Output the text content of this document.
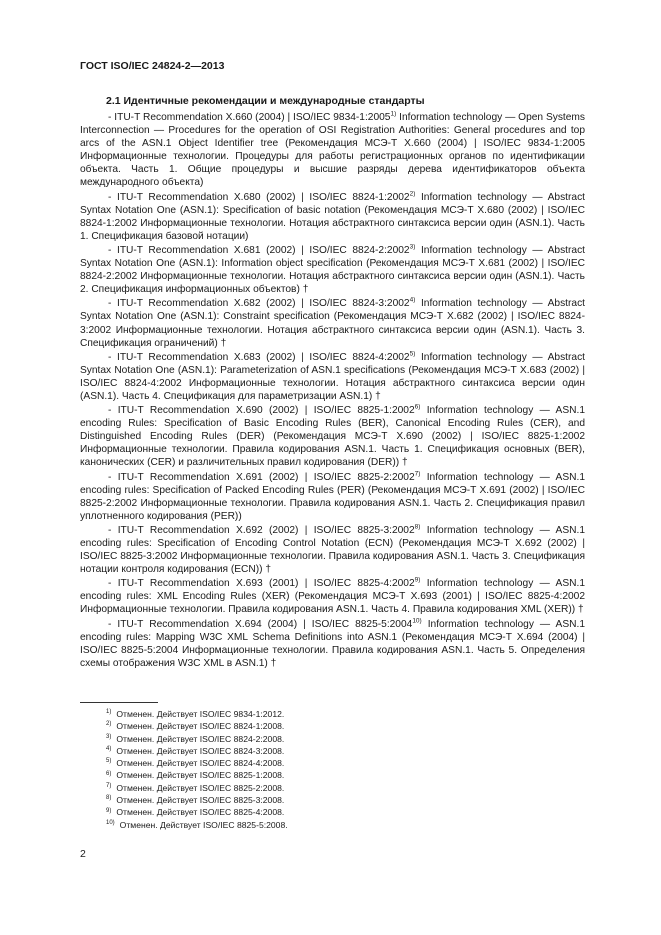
ГОСТ ISO/IEC 24824-2—2013
2.1 Идентичные рекомендации и международные стандарты

- ITU-T Recommendation X.660 (2004) | ISO/IEC 9834-1:2005$^{1)}$ Information technology — Open Systems Interconnection — Procedures for the operation of OSI Registration Authorities: General procedures and top arcs of the ASN.1 Object Identifier tree (Рекомендация МСЭ-Т X.660 (2004) | ISO/IEC 9834-1:2005 Информационные технологии. Процедуры для работы регистрационных органов по идентификации объекта. Часть 1. Общие процедуры и высшие разряды дерева идентификаторов объекта международного объекта)

- ITU-T Recommendation X.680 (2002) | ISO/IEC 8824-1:2002$^{2)}$ Information technology — Abstract Syntax Notation One (ASN.1): Specification of basic notation (Рекомендация МСЭ-Т X.680 (2002) | ISO/IEC 8824-1:2002 Информационные технологии. Нотация абстрактного синтаксиса версии один (ASN.1). Часть 1. Спецификация базовой нотации)

- ITU-T Recommendation X.681 (2002) | ISO/IEC 8824-2:2002$^{3)}$ Information technology — Abstract Syntax Notation One (ASN.1): Information object specification (Рекомендация МСЭ-Т X.681 (2002) | ISO/IEC 8824-2:2002 Информационные технологии. Нотация абстрактного синтаксиса версии один (ASN.1). Часть 2. Спецификация информационных объектов) †

- ITU-T Recommendation X.682 (2002) | ISO/IEC 8824-3:2002$^{4)}$ Information technology — Abstract Syntax Notation One (ASN.1): Constraint specification (Рекомендация МСЭ-Т X.682 (2002) | ISO/IEC 8824-3:2002 Информационные технологии. Нотация абстрактного синтаксиса версии один (ASN.1). Часть 3. Спецификация ограничений) †

- ITU-T Recommendation X.683 (2002) | ISO/IEC 8824-4:2002$^{5)}$ Information technology — Abstract Syntax Notation One (ASN.1): Parameterization of ASN.1 specifications (Рекомендация МСЭ-Т X.683 (2002) | ISO/IEC 8824-4:2002 Информационные технологии. Нотация абстрактного синтаксиса версии один (ASN.1). Часть 4. Спецификация для параметризации ASN.1) †

- ITU-T Recommendation X.690 (2002) | ISO/IEC 8825-1:2002$^{6)}$ Information technology — ASN.1 encoding Rules: Specification of Basic Encoding Rules (BER), Canonical Encoding Rules (CER), and Distinguished Encoding Rules (DER) (Рекомендация МСЭ-Т X.690 (2002) | ISO/IEC 8825-1:2002 Информационные технологии. Правила кодирования ASN.1. Часть 1. Спецификация основных (BER), канонических (CER) и различительных правил кодирования (DER)) †

- ITU-T Recommendation X.691 (2002) | ISO/IEC 8825-2:2002$^{7)}$ Information technology — ASN.1 encoding rules: Specification of Packed Encoding Rules (PER) (Рекомендация МСЭ-Т X.691 (2002) | ISO/IEC 8825-2:2002 Информационные технологии. Правила кодирования ASN.1. Часть 2. Спецификация правил уплотненного кодирования (PER))

- ITU-T Recommendation X.692 (2002) | ISO/IEC 8825-3:2002$^{8)}$ Information technology — ASN.1 encoding rules: Specification of Encoding Control Notation (ECN) (Рекомендация МСЭ-Т X.692 (2002) | ISO/IEC 8825-3:2002 Информационные технологии. Правила кодирования ASN.1. Часть 3. Спецификация нотации контроля кодирования (ECN)) †

- ITU-T Recommendation X.693 (2001) | ISO/IEC 8825-4:2002$^{9)}$ Information technology — ASN.1 encoding rules: XML Encoding Rules (XER) (Рекомендация МСЭ-Т X.693 (2001) | ISO/IEC 8825-4:2002 Информационные технологии. Правила кодирования ASN.1. Часть 4. Правила кодирования XML (XER)) †

- ITU-T Recommendation X.694 (2004) | ISO/IEC 8825-5:2004$^{10)}$ Information technology — ASN.1 encoding rules: Mapping W3C XML Schema Definitions into ASN.1 (Рекомендация МСЭ-Т X.694 (2004) | ISO/IEC 8825-5:2004 Информационные технологии. Правила кодирования ASN.1. Часть 5. Определения схемы отображения W3C XML в ASN.1) †

$^{1)}$ Отменен. Действует ISO/IEC 9834-1:2012.
$^{2)}$ Отменен. Действует ISO/IEC 8824-1:2008.
$^{3)}$ Отменен. Действует ISO/IEC 8824-2:2008.
$^{4)}$ Отменен. Действует ISO/IEC 8824-3:2008.
$^{5)}$ Отменен. Действует ISO/IEC 8824-4:2008.
$^{6)}$ Отменен. Действует ISO/IEC 8825-1:2008.
$^{7)}$ Отменен. Действует ISO/IEC 8825-2:2008.
$^{8)}$ Отменен. Действует ISO/IEC 8825-3:2008.
$^{9)}$ Отменен. Действует ISO/IEC 8825-4:2008.
$^{10)}$ Отменен. Действует ISO/IEC 8825-5:2008.
2
